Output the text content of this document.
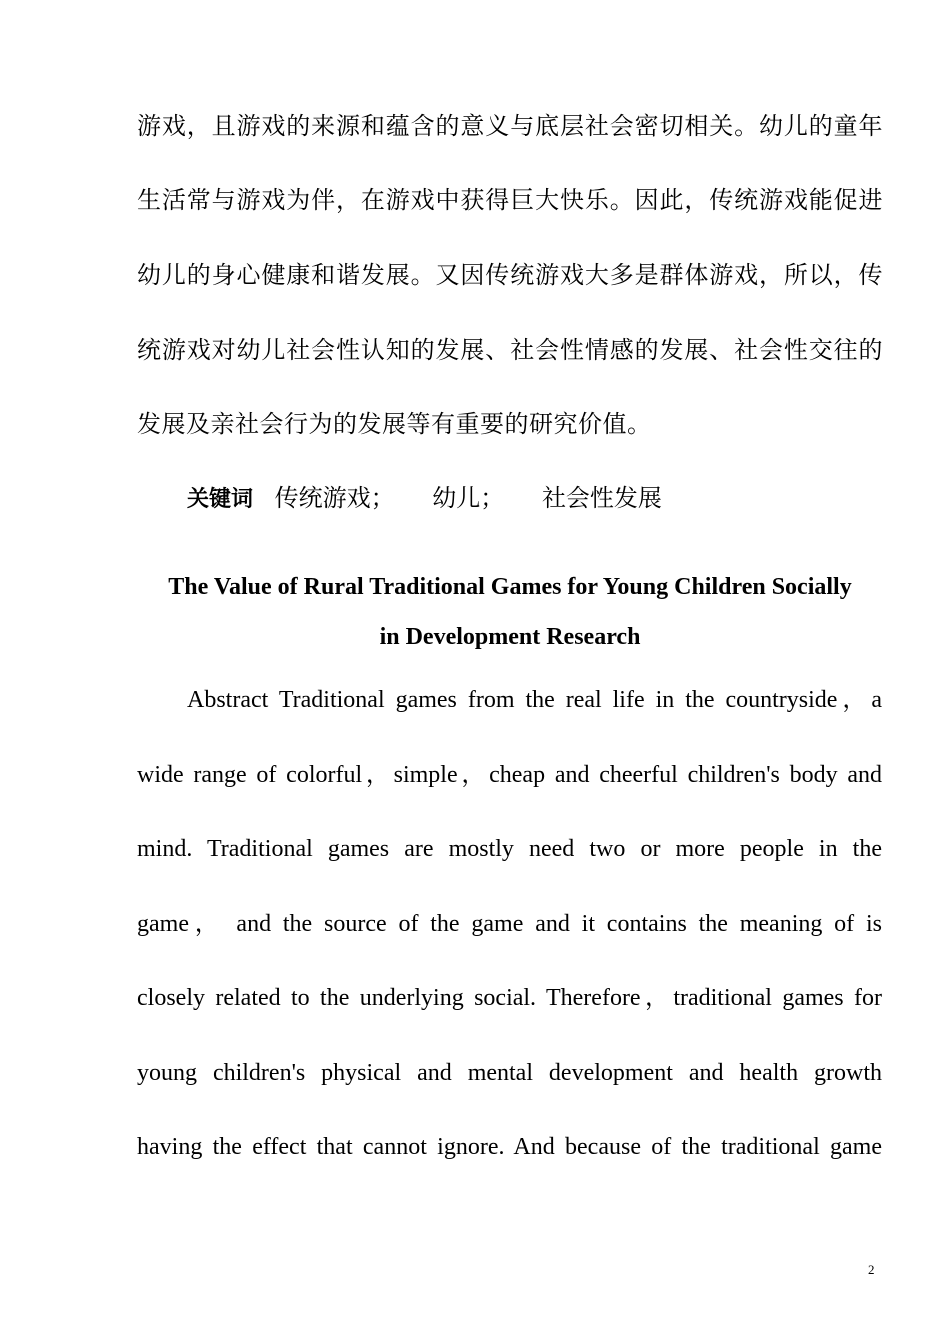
游戏，且游戏的来源和蕴含的意义与底层社会密切相关。幼儿的童年
生活常与游戏为伴，在游戏中获得巨大快乐。因此，传统游戏能促进
幼儿的身心健康和谐发展。又因传统游戏大多是群体游戏，所以，传
统游戏对幼儿社会性认知的发展、社会性情感的发展、社会性交往的
发展及亲社会行为的发展等有重要的研究价值。
关键词 传统游戏； 幼儿； 社会性发展
The Value of Rural Traditional Games for Young Children Socially
in Development Research
Abstract Traditional games from the real life in the countryside，a
wide range of colorful，simple，cheap and cheerful children's body and
mind. Traditional games are mostly need two or more people in the
game， and the source of the game and it contains the meaning of is
closely related to the underlying social. Therefore，traditional games for
young children's physical and mental development and health growth
having the effect that cannot ignore. And because of the traditional game
2
